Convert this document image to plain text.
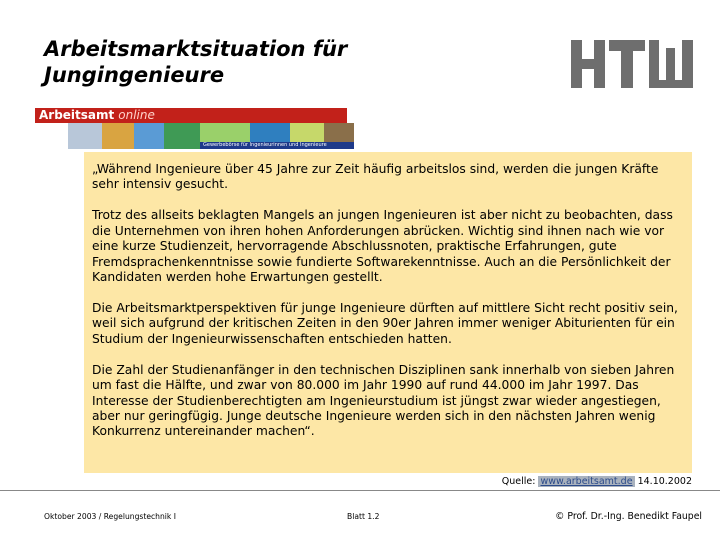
Arbeitsmarktsituation für Jungingenieure
Arbeitsamt online
Gewerbebörse für Ingenieurinnen und Ingenieure

„Während Ingenieure über 45 Jahre zur Zeit häufig arbeitslos sind, werden die jungen Kräfte sehr intensiv gesucht.

Trotz des allseits beklagten Mangels an jungen Ingenieuren ist aber nicht zu beobachten, dass die Unternehmen von ihren hohen Anforderungen abrücken. Wichtig sind ihnen nach wie vor eine kurze Studienzeit, hervorragende Abschlussnoten, praktische Erfahrungen, gute Fremdsprachenkenntnisse sowie fundierte Softwarekenntnisse. Auch an die Persönlichkeit der Kandidaten werden hohe Erwartungen gestellt.

Die Arbeitsmarktperspektiven für junge Ingenieure dürften auf mittlere Sicht recht positiv sein, weil sich aufgrund der kritischen Zeiten in den 90er Jahren immer weniger Abiturienten für ein Studium der Ingenieurwissenschaften entschieden hatten.

Die Zahl der Studienanfänger in den technischen Disziplinen sank innerhalb von sieben Jahren um fast die Hälfte, und zwar von 80.000 im Jahr 1990 auf rund 44.000 im Jahr 1997. Das Interesse der Studienberechtigten am Ingenieurstudium ist jüngst zwar wieder angestiegen, aber nur geringfügig. Junge deutsche Ingenieure werden sich in den nächsten Jahren wenig Konkurrenz untereinander machen“.

Quelle: www.arbeitsamt.de 14.10.2002
Oktober 2003 / Regelungstechnik I	Blatt 1.2	© Prof. Dr.-Ing. Benedikt Faupel
